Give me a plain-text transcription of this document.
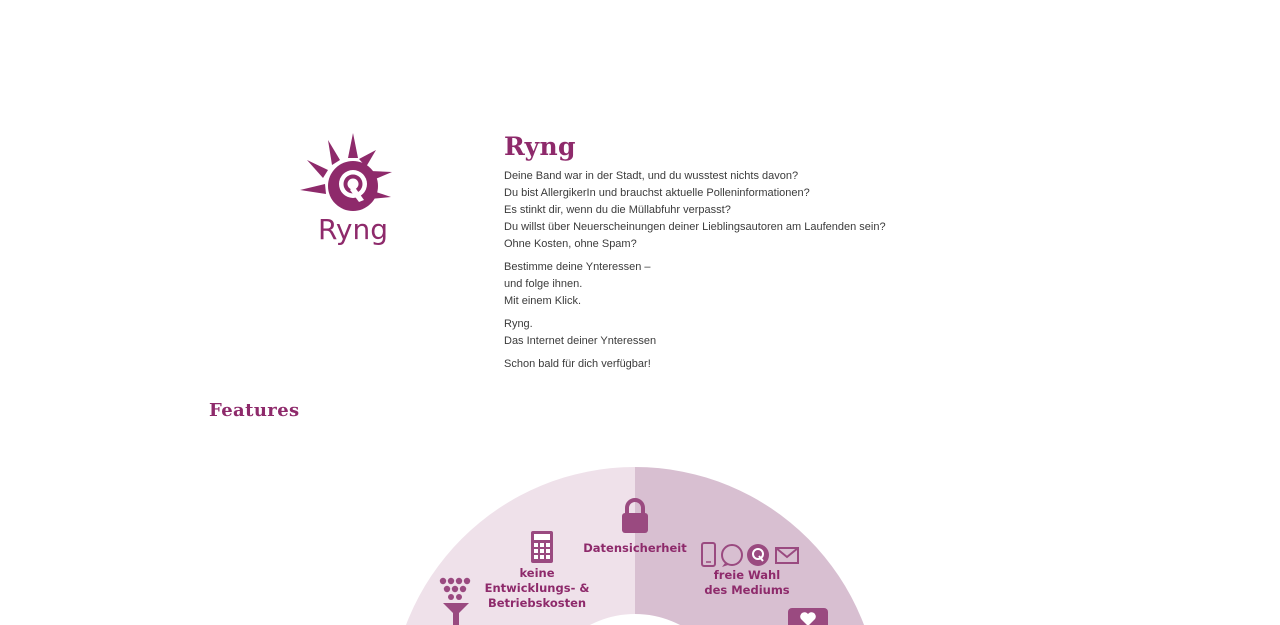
Ryng
Ryng

Deine Band war in der Stadt, und du wusstest nichts davon?
Du bist AllergikerIn und brauchst aktuelle Polleninformationen?
Es stinkt dir, wenn du die Müllabfuhr verpasst?
Du willst über Neuerscheinungen deiner Lieblingsautoren am Laufenden sein?
Ohne Kosten, ohne Spam?

Bestimme deine Ynteressen –
und folge ihnen.
Mit einem Klick.

Ryng.
Das Internet deiner Ynteressen

Schon bald für dich verfügbar!

Features
keine
Entwicklungs- &
Betriebskosten
Datensicherheit
freie Wahl
des Mediums
